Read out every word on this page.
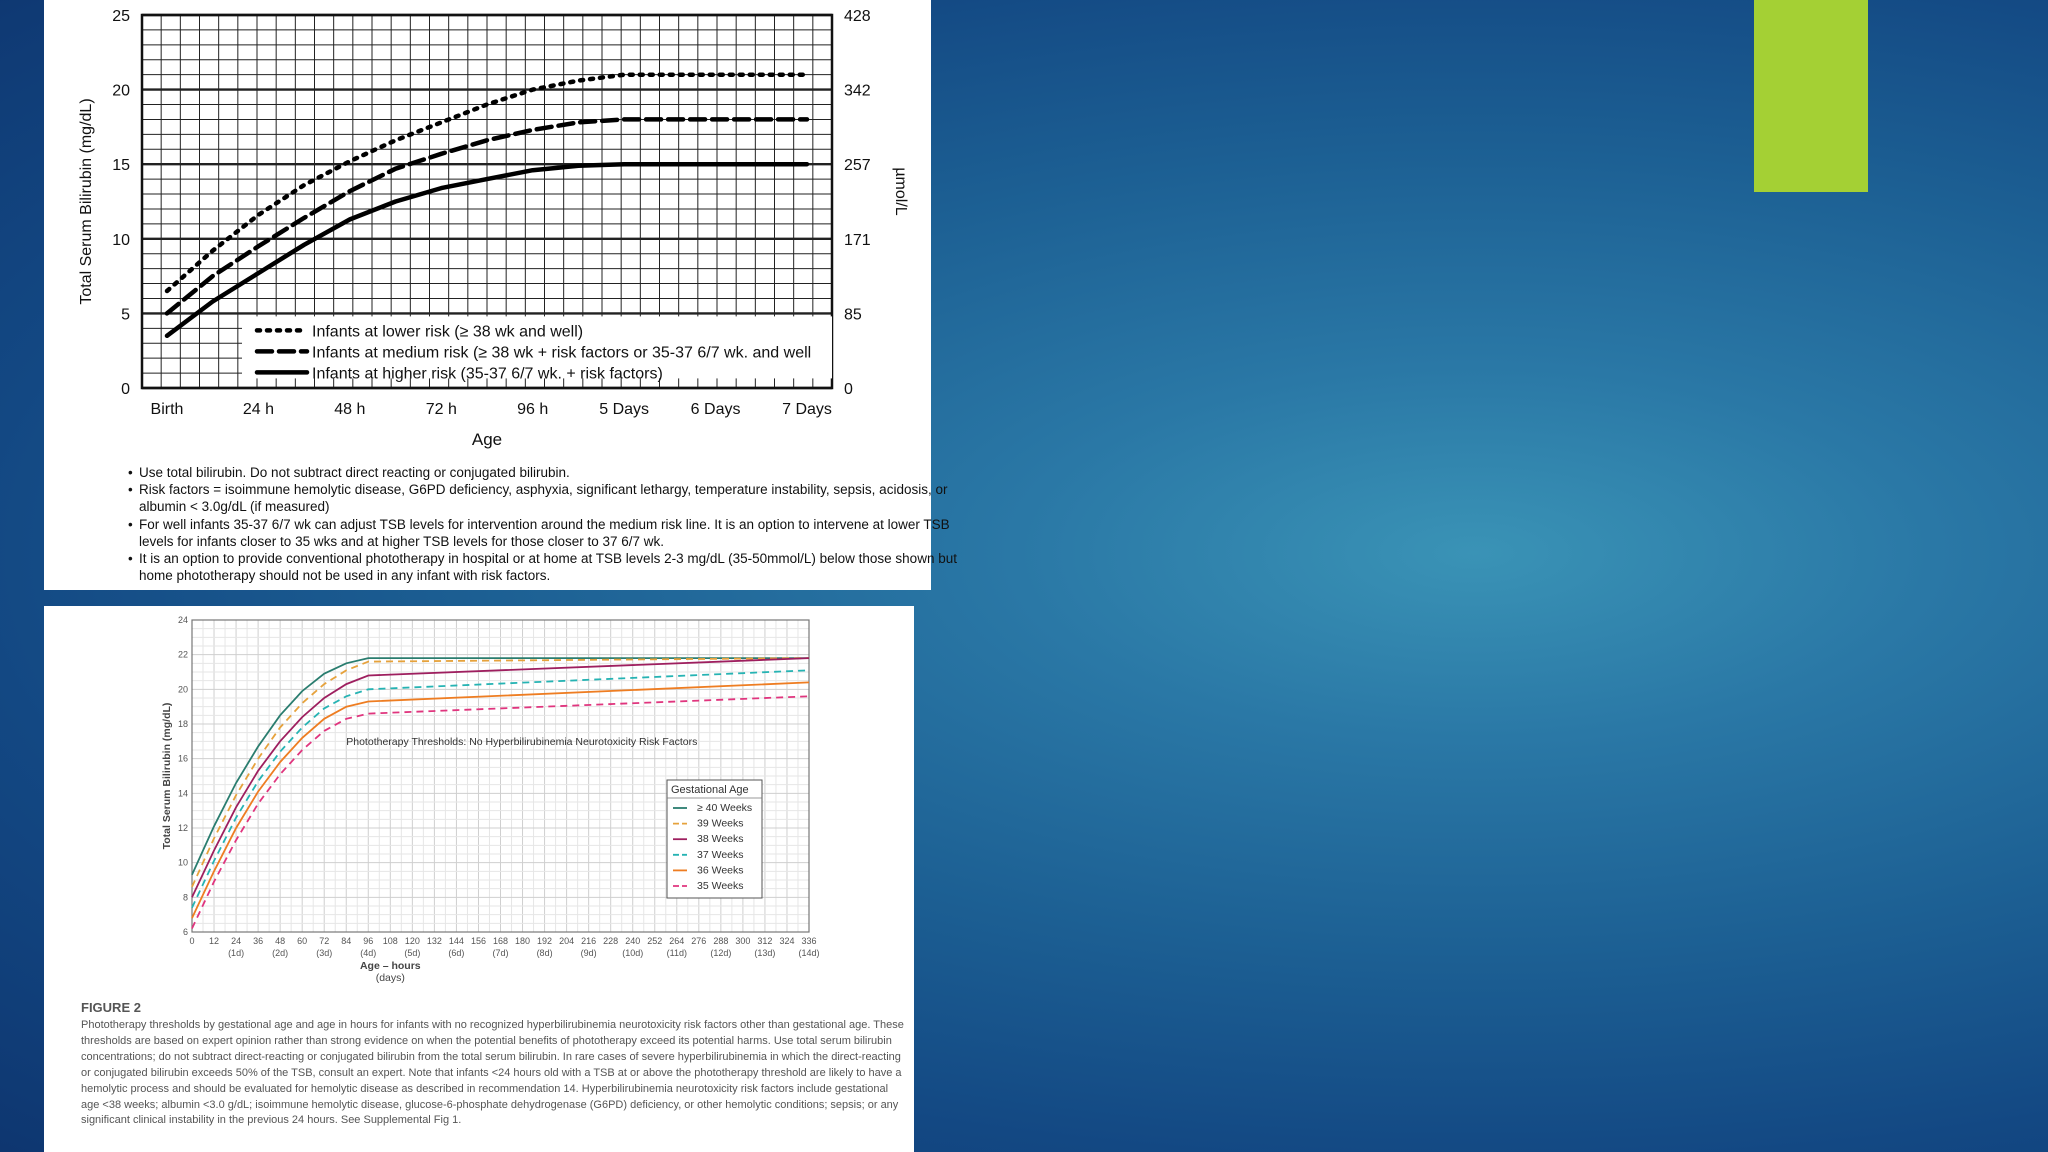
0
5
10
15
20
25
0
85
171
257
342
428
Birth	24 h	48 h	72 h	96 h	5 Days	6 Days	7 Days
Age
Total Serum Bilirubin (mg/dL)	µmol/L
Infants at lower risk (≥ 38 wk and well)
Infants at medium risk (≥ 38 wk + risk factors or 35-37 6/7 wk. and well
Infants at higher risk (35-37 6/7 wk. + risk factors)
• Use total bilirubin. Do not subtract direct reacting or conjugated bilirubin.
• Risk factors = isoimmune hemolytic disease, G6PD deficiency, asphyxia, significant lethargy, temperature instability, sepsis, acidosis, or albumin < 3.0g/dL (if measured)
• For well infants 35-37 6/7 wk can adjust TSB levels for intervention around the medium risk line. It is an option to intervene at lower TSB levels for infants closer to 35 wks and at higher TSB levels for those closer to 37 6/7 wk.
• It is an option to provide conventional phototherapy in hospital or at home at TSB levels 2-3 mg/dL (35-50mmol/L) below those shown but home phototherapy should not be used in any infant with risk factors.
6
8
10
12
14
16
18
20
22
24
0 12 24 36 48 60 72 84 96 108 120 132 144 156 168 180 192 204 216 228 240 252 264 276 288 300 312 324 336
(1d)	(2d)	(3d)	(4d)	(5d)	(6d)	(7d)	(8d)	(9d)	(10d)	(11d)	(12d)	(13d)	(14d)
Age – hours
(days)
Total Serum Bilirubin (mg/dL)	Phototherapy Thresholds: No Hyperbilirubinemia Neurotoxicity Risk Factors
Gestational Age
≥ 40 Weeks
39 Weeks
38 Weeks
37 Weeks
36 Weeks
35 Weeks
FIGURE 2
Phototherapy thresholds by gestational age and age in hours for infants with no recognized hyperbilirubinemia neurotoxicity risk factors other than gestational age. These thresholds are based on expert opinion rather than strong evidence on when the potential benefits of phototherapy exceed its potential harms. Use total serum bilirubin concentrations; do not subtract direct-reacting or conjugated bilirubin from the total serum bilirubin. In rare cases of severe hyperbilirubinemia in which the direct-reacting or conjugated bilirubin exceeds 50% of the TSB, consult an expert. Note that infants <24 hours old with a TSB at or above the phototherapy threshold are likely to have a hemolytic process and should be evaluated for hemolytic disease as described in recommendation 14. Hyperbilirubinemia neurotoxicity risk factors include gestational age <38 weeks; albumin <3.0 g/dL; isoimmune hemolytic disease, glucose-6-phosphate dehydrogenase (G6PD) deficiency, or other hemolytic conditions; sepsis; or any significant clinical instability in the previous 24 hours. See Supplemental Fig 1.
